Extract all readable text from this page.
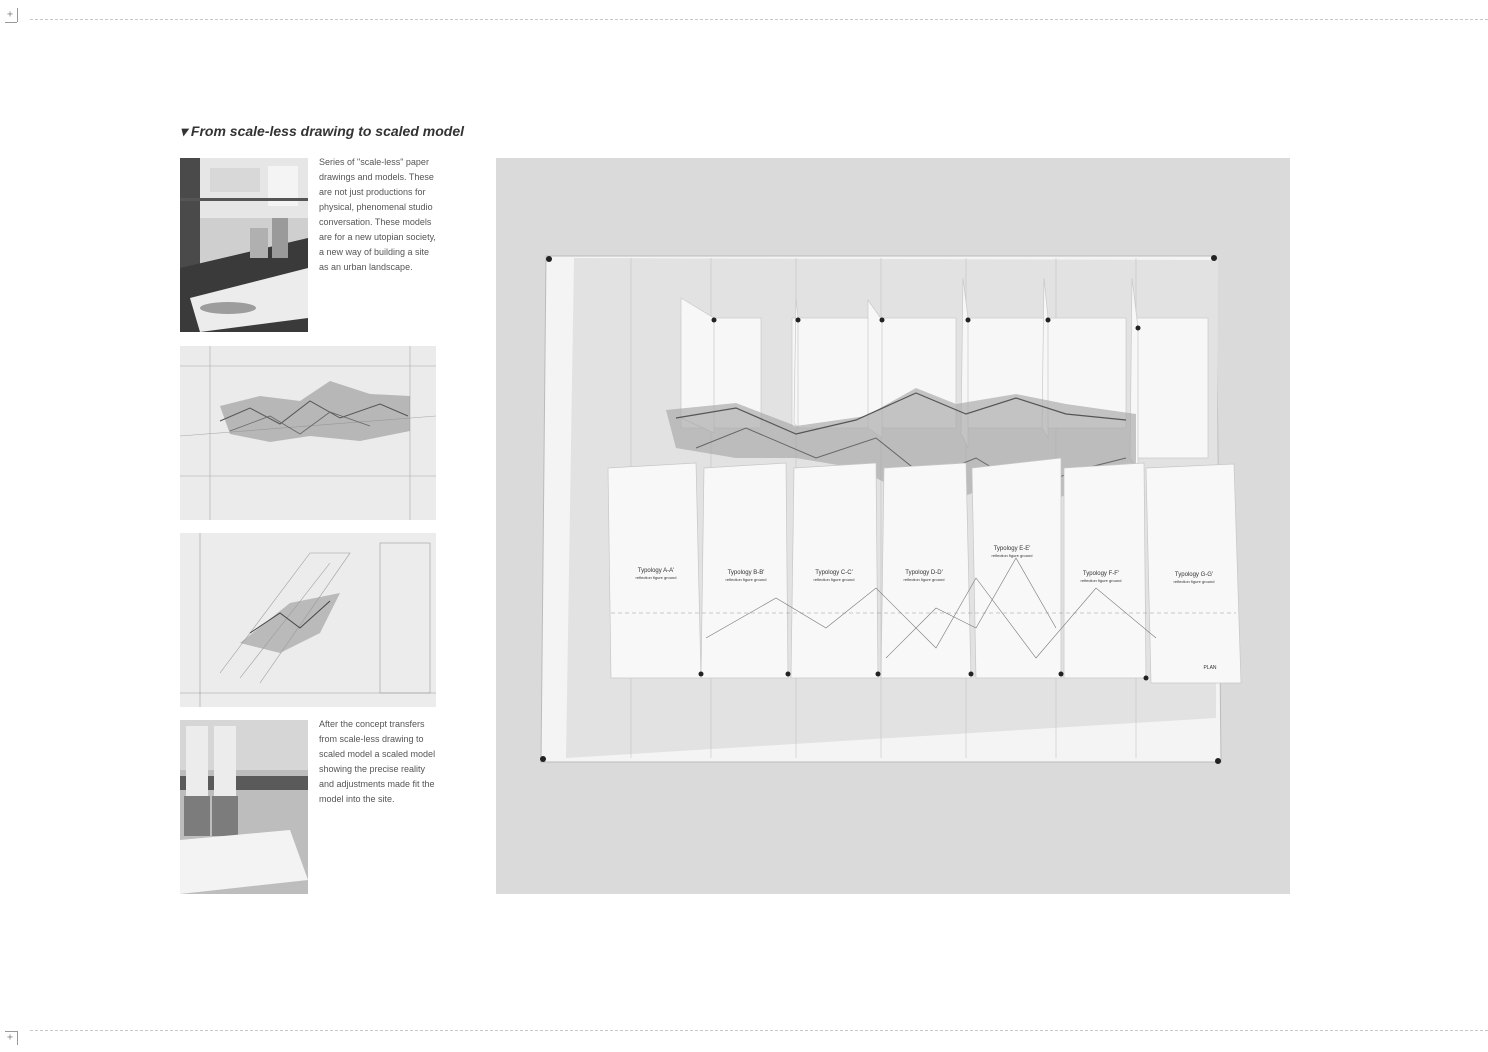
+
+
▾ From scale-less drawing to scaled model

Series of "scale-less" paper drawings and models. These are not just productions for physical, phenomenal studio conversation. These models are for a new utopian society, a new way of building a site as an urban landscape.

After the concept transfers from scale-less drawing to scaled model a scaled model showing the precise reality and adjustments made fit the model into the site.

Typology A-A'
reflection figure ground
Typology B-B'
reflection figure ground
Typology C-C'
reflection figure ground
Typology D-D'
reflection figure ground
Typology E-E'
reflection figure ground
Typology F-F'
reflection figure ground
Typology G-G'
reflection figure ground
PLAN
